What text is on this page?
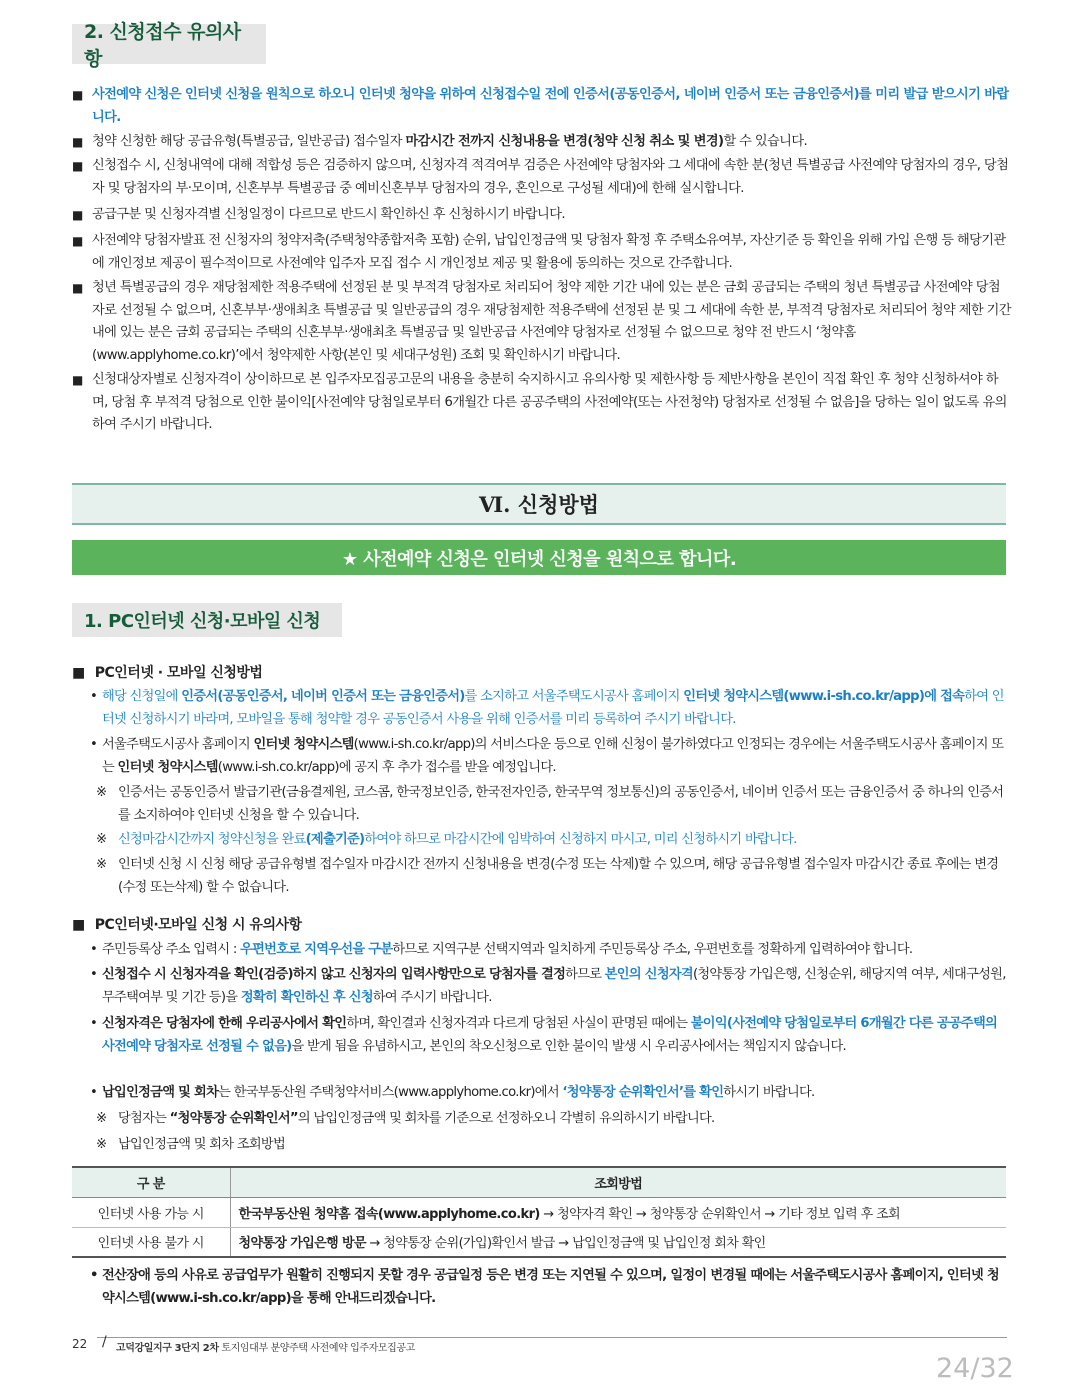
2. 신청접수 유의사항
■ 사전예약 신청은 인터넷 신청을 원칙으로 하오니 인터넷 청약을 위하여 신청접수일 전에 인증서(공동인증서, 네이버 인증서 또는 금융인증서)를 미리 발급 받으시기 바랍니다.
■ 청약 신청한 해당 공급유형(특별공급, 일반공급) 접수일자 마감시간 전까지 신청내용을 변경(청약 신청 취소 및 변경)할 수 있습니다.
■ 신청접수 시, 신청내역에 대해 적합성 등은 검증하지 않으며, 신청자격 적격여부 검증은 사전예약 당첨자와 그 세대에 속한 분(청년 특별공급 사전예약 당첨자의 경우, 당첨자 및 당첨자의 부·모이며, 신혼부부 특별공급 중 예비신혼부부 당첨자의 경우, 혼인으로 구성될 세대)에 한해 실시합니다.
■ 공급구분 및 신청자격별 신청일정이 다르므로 반드시 확인하신 후 신청하시기 바랍니다.
■ 사전예약 당첨자발표 전 신청자의 청약저축(주택청약종합저축 포함) 순위, 납입인정금액 및 당첨자 확정 후 주택소유여부, 자산기준 등 확인을 위해 가입 은행 등 해당기관에 개인정보 제공이 필수적이므로 사전예약 입주자 모집 접수 시 개인정보 제공 및 활용에 동의하는 것으로 간주합니다.
■ 청년 특별공급의 경우 재당첨제한 적용주택에 선정된 분 및 부적격 당첨자로 처리되어 청약 제한 기간 내에 있는 분은 금회 공급되는 주택의 청년 특별공급 사전예약 당첨자로 선정될 수 없으며, 신혼부부·생애최초 특별공급 및 일반공급의 경우 재당첨제한 적용주택에 선정된 분 및 그 세대에 속한 분, 부적격 당첨자로 처리되어 청약 제한 기간 내에 있는 분은 금회 공급되는 주택의 신혼부부·생애최초 특별공급 및 일반공급 사전예약 당첨자로 선정될 수 없으므로 청약 전 반드시 ‘청약홈(www.applyhome.co.kr)’에서 청약제한 사항(본인 및 세대구성원) 조회 및 확인하시기 바랍니다.
■ 신청대상자별로 신청자격이 상이하므로 본 입주자모집공고문의 내용을 충분히 숙지하시고 유의사항 및 제한사항 등 제반사항을 본인이 직접 확인 후 청약 신청하셔야 하며, 당첨 후 부적격 당첨으로 인한 불이익[사전예약 당첨일로부터 6개월간 다른 공공주택의 사전예약(또는 사전청약) 당첨자로 선정될 수 없음]을 당하는 일이 없도록 유의하여 주시기 바랍니다.
Ⅵ. 신청방법
★ 사전예약 신청은 인터넷 신청을 원칙으로 합니다.
1. PC인터넷 신청·모바일 신청
■ PC인터넷 · 모바일 신청방법
• 해당 신청일에 인증서(공동인증서, 네이버 인증서 또는 금융인증서)를 소지하고 서울주택도시공사 홈페이지 인터넷 청약시스템(www.i-sh.co.kr/app)에 접속하여 인터넷 신청하시기 바라며, 모바일을 통해 청약할 경우 공동인증서 사용을 위해 인증서를 미리 등록하여 주시기 바랍니다.
• 서울주택도시공사 홈페이지 인터넷 청약시스템(www.i-sh.co.kr/app)의 서비스다운 등으로 인해 신청이 불가하였다고 인정되는 경우에는 서울주택도시공사 홈페이지 또는 인터넷 청약시스템(www.i-sh.co.kr/app)에 공지 후 추가 접수를 받을 예정입니다.
※ 인증서는 공동인증서 발급기관(금융결제원, 코스콤, 한국정보인증, 한국전자인증, 한국무역 정보통신)의 공동인증서, 네이버 인증서 또는 금융인증서 중 하나의 인증서를 소지하여야 인터넷 신청을 할 수 있습니다.
※ 신청마감시간까지 청약신청을 완료(제출기준)하여야 하므로 마감시간에 임박하여 신청하지 마시고, 미리 신청하시기 바랍니다.
※ 인터넷 신청 시 신청 해당 공급유형별 접수일자 마감시간 전까지 신청내용을 변경(수정 또는 삭제)할 수 있으며, 해당 공급유형별 접수일자 마감시간 종료 후에는 변경(수정 또는삭제) 할 수 없습니다.
■ PC인터넷·모바일 신청 시 유의사항
• 주민등록상 주소 입력시 : 우편번호로 지역우선을 구분하므로 지역구분 선택지역과 일치하게 주민등록상 주소, 우편번호를 정확하게 입력하여야 합니다.
• 신청접수 시 신청자격을 확인(검증)하지 않고 신청자의 입력사항만으로 당첨자를 결정하므로 본인의 신청자격(청약통장 가입은행, 신청순위, 해당지역 여부, 세대구성원, 무주택여부 및 기간 등)을 정확히 확인하신 후 신청하여 주시기 바랍니다.
• 신청자격은 당첨자에 한해 우리공사에서 확인하며, 확인결과 신청자격과 다르게 당첨된 사실이 판명된 때에는 불이익(사전예약 당첨일로부터 6개월간 다른 공공주택의 사전예약 당첨자로 선정될 수 없음)을 받게 됨을 유념하시고, 본인의 착오신청으로 인한 불이익 발생 시 우리공사에서는 책임지지 않습니다.
• 납입인정금액 및 회차는 한국부동산원 주택청약서비스(www.applyhome.co.kr)에서 ‘청약통장 순위확인서’를 확인하시기 바랍니다.
※ 당첨자는 “청약통장 순위확인서”의 납입인정금액 및 회차를 기준으로 선정하오니 각별히 유의하시기 바랍니다.
※ 납입인정금액 및 회차 조회방법
구 분	조회방법
인터넷 사용 가능 시	한국부동산원 청약홈 접속(www.applyhome.co.kr) → 청약자격 확인 → 청약통장 순위확인서 → 기타 정보 입력 후 조회
인터넷 사용 불가 시	청약통장 가입은행 방문 → 청약통장 순위(가입)확인서 발급 → 납입인정금액 및 납입인정 회차 확인
• 전산장애 등의 사유로 공급업무가 원활히 진행되지 못할 경우 공급일정 등은 변경 또는 지연될 수 있으며, 일정이 변경될 때에는 서울주택도시공사 홈페이지, 인터넷 청약시스템(www.i-sh.co.kr/app)을 통해 안내드리겠습니다.
22 / 고덕강일지구 3단지 2차 토지임대부 분양주택 사전예약 입주자모집공고
24/32
